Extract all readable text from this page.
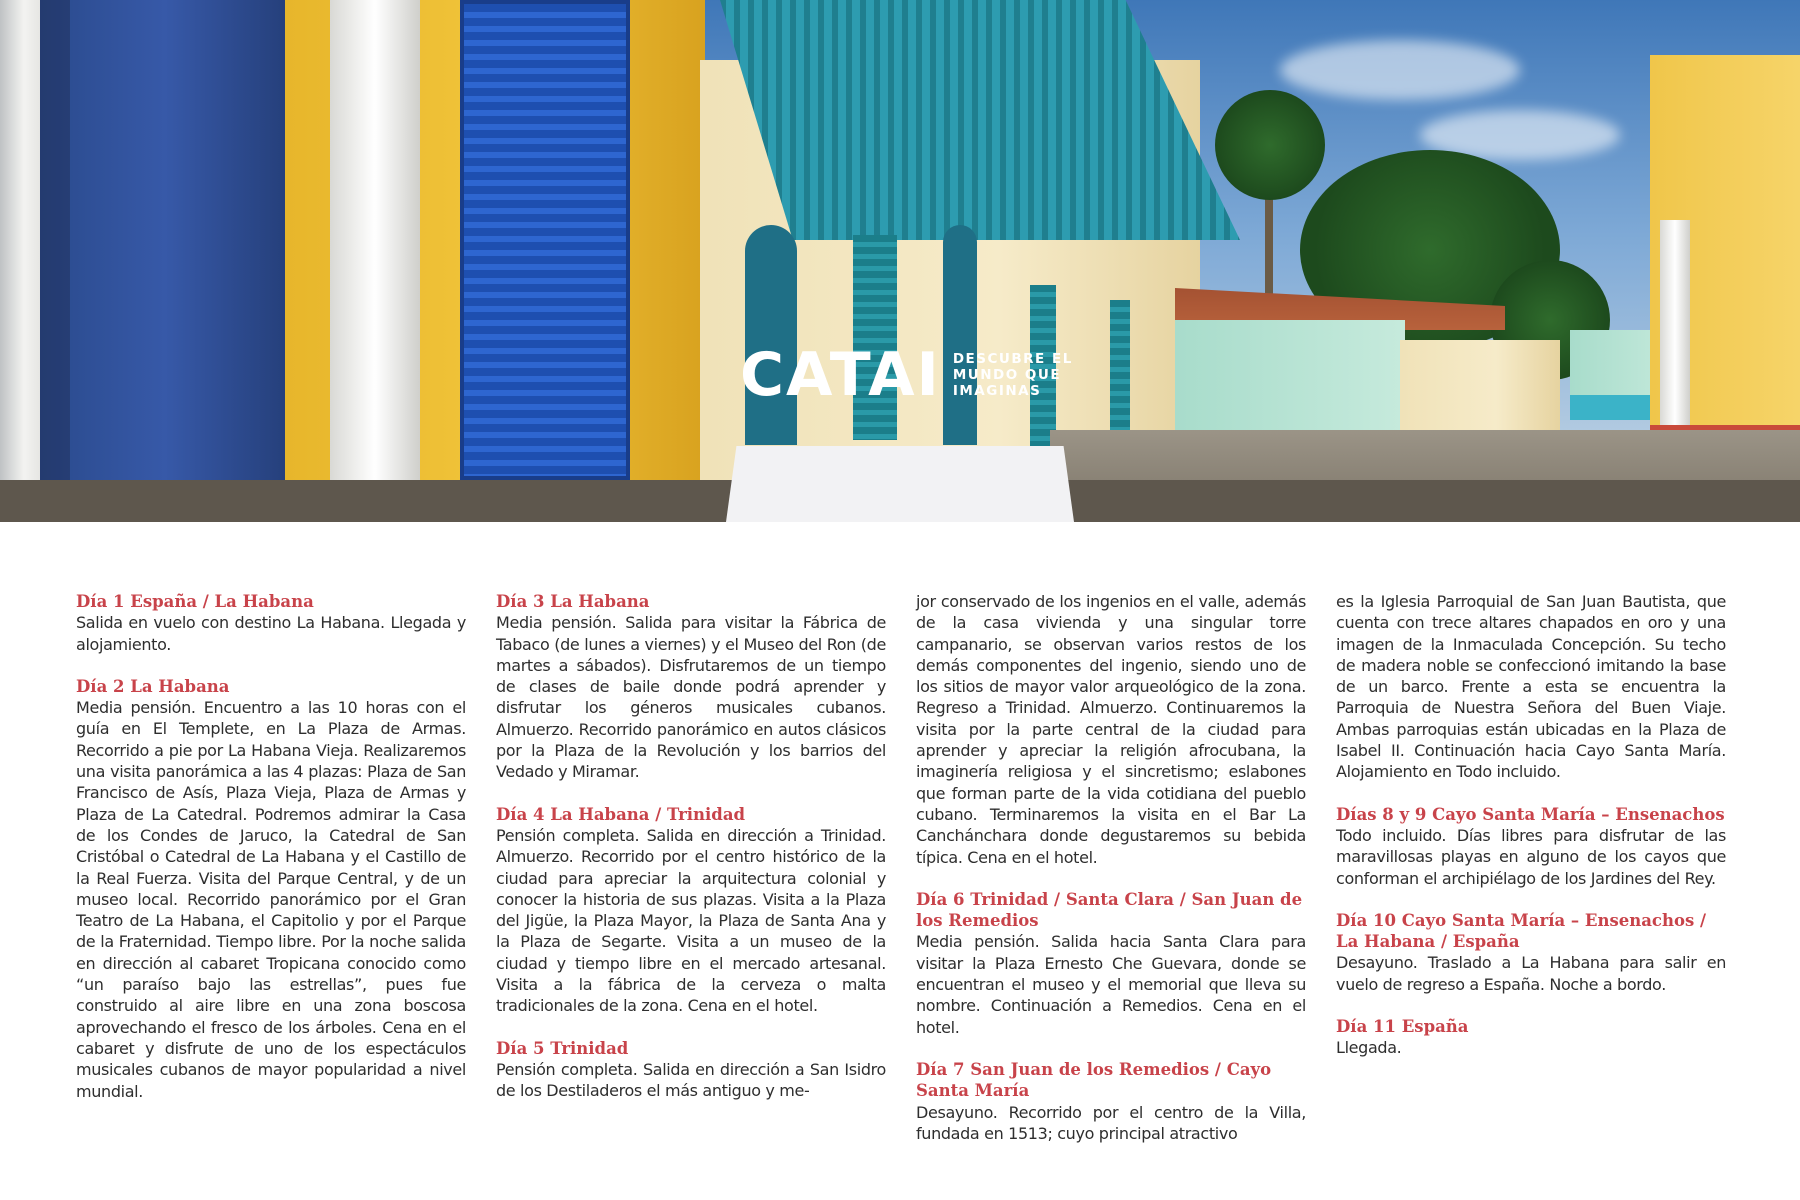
CATAI DESCUBRE EL
MUNDO QUE
IMAGINAS
Día 1 España / La Habana

Salida en vuelo con destino La Habana. Llegada y alojamiento.

Día 2 La Habana

Media pensión. Encuentro a las 10 horas con el guía en El Templete, en La Plaza de Armas. Recorrido a pie por La Habana Vieja. Realizaremos una visita panorámica a las 4 plazas: Plaza de San Francisco de Asís, Plaza Vieja, Plaza de Armas y Plaza de La Catedral. Podremos admirar la Casa de los Condes de Jaruco, la Catedral de San Cristóbal o Catedral de La Habana y el Castillo de la Real Fuerza. Visita del Parque Central, y de un museo local. Recorrido panorámico por el Gran Teatro de La Habana, el Capitolio y por el Parque de la Fraternidad. Tiempo libre. Por la noche salida en dirección al cabaret Tropicana conocido como “un paraíso bajo las estrellas”, pues fue construido al aire libre en una zona boscosa aprovechando el fresco de los árboles. Cena en el cabaret y disfrute de uno de los espectáculos musicales cubanos de mayor popularidad a nivel mundial.

Día 3 La Habana

Media pensión. Salida para visitar la Fábrica de Tabaco (de lunes a viernes) y el Museo del Ron (de martes a sábados). Disfrutaremos de un tiempo de clases de baile donde podrá aprender y disfrutar los géneros musicales cubanos. Almuerzo. Recorrido panorámico en autos clásicos por la Plaza de la Revolución y los barrios del Vedado y Miramar.

Día 4 La Habana / Trinidad

Pensión completa. Salida en dirección a Trinidad. Almuerzo. Recorrido por el centro histórico de la ciudad para apreciar la arquitectura colonial y conocer la historia de sus plazas. Visita a la Plaza del Jigüe, la Plaza Mayor, la Plaza de Santa Ana y la Plaza de Segarte. Visita a un museo de la ciudad y tiempo libre en el mercado artesanal. Visita a la fábrica de la cerveza o malta tradicionales de la zona. Cena en el hotel.

Día 5 Trinidad

Pensión completa. Salida en dirección a San Isidro de los Destiladeros el más antiguo y me-

jor conservado de los ingenios en el valle, además de la casa vivienda y una singular torre campanario, se observan varios restos de los demás componentes del ingenio, siendo uno de los sitios de mayor valor arqueológico de la zona. Regreso a Trinidad. Almuerzo. Continuaremos la visita por la parte central de la ciudad para aprender y apreciar la religión afrocubana, la imaginería religiosa y el sincretismo; eslabones que forman parte de la vida cotidiana del pueblo cubano. Terminaremos la visita en el Bar La Canchánchara donde degustaremos su bebida típica. Cena en el hotel.

Día 6 Trinidad / Santa Clara / San Juan de los Remedios

Media pensión. Salida hacia Santa Clara para visitar la Plaza Ernesto Che Guevara, donde se encuentran el museo y el memorial que lleva su nombre. Continuación a Remedios. Cena en el hotel.

Día 7 San Juan de los Remedios / Cayo Santa María

Desayuno. Recorrido por el centro de la Villa, fundada en 1513; cuyo principal atractivo

es la Iglesia Parroquial de San Juan Bautista, que cuenta con trece altares chapados en oro y una imagen de la Inmaculada Concepción. Su techo de madera noble se confeccionó imitando la base de un barco. Frente a esta se encuentra la Parroquia de Nuestra Señora del Buen Viaje. Ambas parroquias están ubicadas en la Plaza de Isabel II. Continuación hacia Cayo Santa María. Alojamiento en Todo incluido.

Días 8 y 9 Cayo Santa María – Ensenachos

Todo incluido. Días libres para disfrutar de las maravillosas playas en alguno de los cayos que conforman el archipiélago de los Jardines del Rey.

Día 10 Cayo Santa María – Ensenachos / La Habana / España

Desayuno. Traslado a La Habana para salir en vuelo de regreso a España. Noche a bordo.

Día 11 España

Llegada.
